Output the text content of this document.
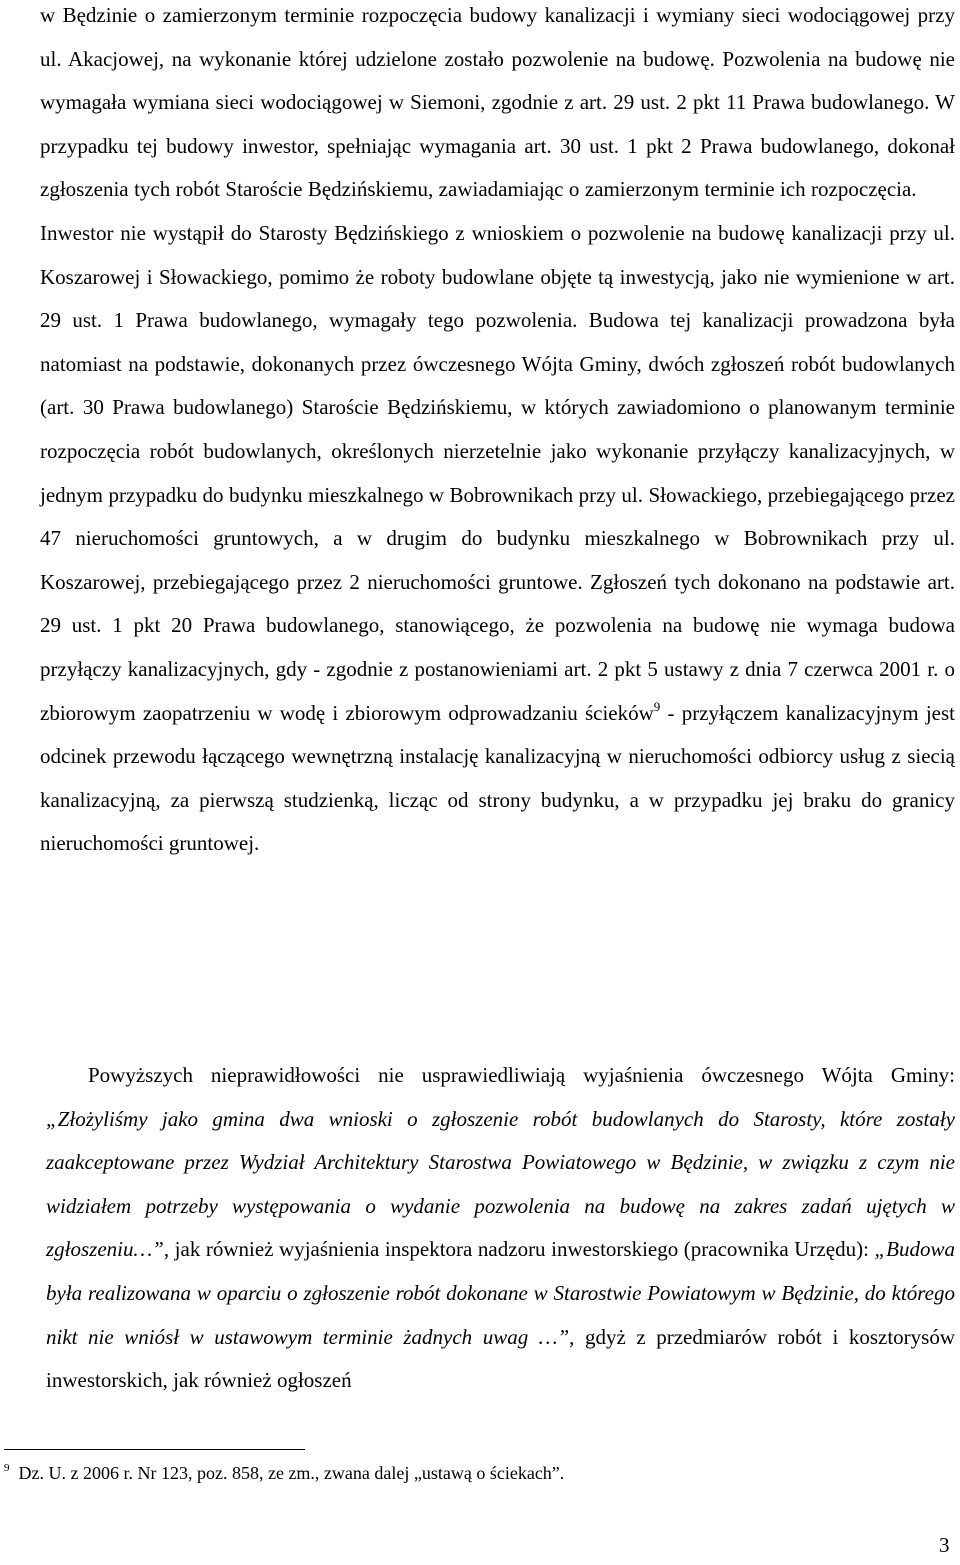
w Będzinie o zamierzonym terminie rozpoczęcia budowy kanalizacji i wymiany sieci wodociągowej przy ul. Akacjowej, na wykonanie której udzielone zostało pozwolenie na budowę. Pozwolenia na budowę nie wymagała wymiana sieci wodociągowej w Siemoni, zgodnie z art. 29 ust. 2 pkt 11 Prawa budowlanego. W przypadku tej budowy inwestor, spełniając wymagania art. 30 ust. 1 pkt 2 Prawa budowlanego, dokonał zgłoszenia tych robót Staroście Będzińskiemu, zawiadamiając o zamierzonym terminie ich rozpoczęcia. Inwestor nie wystąpił do Starosty Będzińskiego z wnioskiem o pozwolenie na budowę kanalizacji przy ul. Koszarowej i Słowackiego, pomimo że roboty budowlane objęte tą inwestycją, jako nie wymienione w art. 29 ust. 1 Prawa budowlanego, wymagały tego pozwolenia. Budowa tej kanalizacji prowadzona była natomiast na podstawie, dokonanych przez ówczesnego Wójta Gminy, dwóch zgłoszeń robót budowlanych (art. 30 Prawa budowlanego) Staroście Będzińskiemu, w których zawiadomiono o planowanym terminie rozpoczęcia robót budowlanych, określonych nierzetelnie jako wykonanie przyłączy kanalizacyjnych, w jednym przypadku do budynku mieszkalnego w Bobrownikach przy ul. Słowackiego, przebiegającego przez 47 nieruchomości gruntowych, a w drugim do budynku mieszkalnego w Bobrownikach przy ul. Koszarowej, przebiegającego przez 2 nieruchomości gruntowe. Zgłoszeń tych dokonano na podstawie art. 29 ust. 1 pkt 20 Prawa budowlanego, stanowiącego, że pozwolenia na budowę nie wymaga budowa przyłączy kanalizacyjnych, gdy - zgodnie z postanowieniami art. 2 pkt 5 ustawy z dnia 7 czerwca 2001 r. o zbiorowym zaopatrzeniu w wodę i zbiorowym odprowadzaniu ścieków$^9$ - przyłączem kanalizacyjnym jest odcinek przewodu łączącego wewnętrzną instalację kanalizacyjną w nieruchomości odbiorcy usług z siecią kanalizacyjną, za pierwszą studzienką, licząc od strony budynku, a w przypadku jej braku do granicy nieruchomości gruntowej.

Powyższych nieprawidłowości nie usprawiedliwiają wyjaśnienia ówczesnego Wójta Gminy: „Złożyliśmy jako gmina dwa wnioski o zgłoszenie robót budowlanych do Starosty, które zostały zaakceptowane przez Wydział Architektury Starostwa Powiatowego w Będzinie, w związku z czym nie widziałem potrzeby występowania o wydanie pozwolenia na budowę na zakres zadań ujętych w zgłoszeniu…”, jak również wyjaśnienia inspektora nadzoru inwestorskiego (pracownika Urzędu): „Budowa była realizowana w oparciu o zgłoszenie robót dokonane w Starostwie Powiatowym w Będzinie, do którego nikt nie wniósł w ustawowym terminie żadnych uwag …”, gdyż z przedmiarów robót i kosztorysów inwestorskich, jak również ogłoszeń

$^9$ Dz. U. z 2006 r. Nr 123, poz. 858, ze zm., zwana dalej „ustawą o ściekach”.

3
